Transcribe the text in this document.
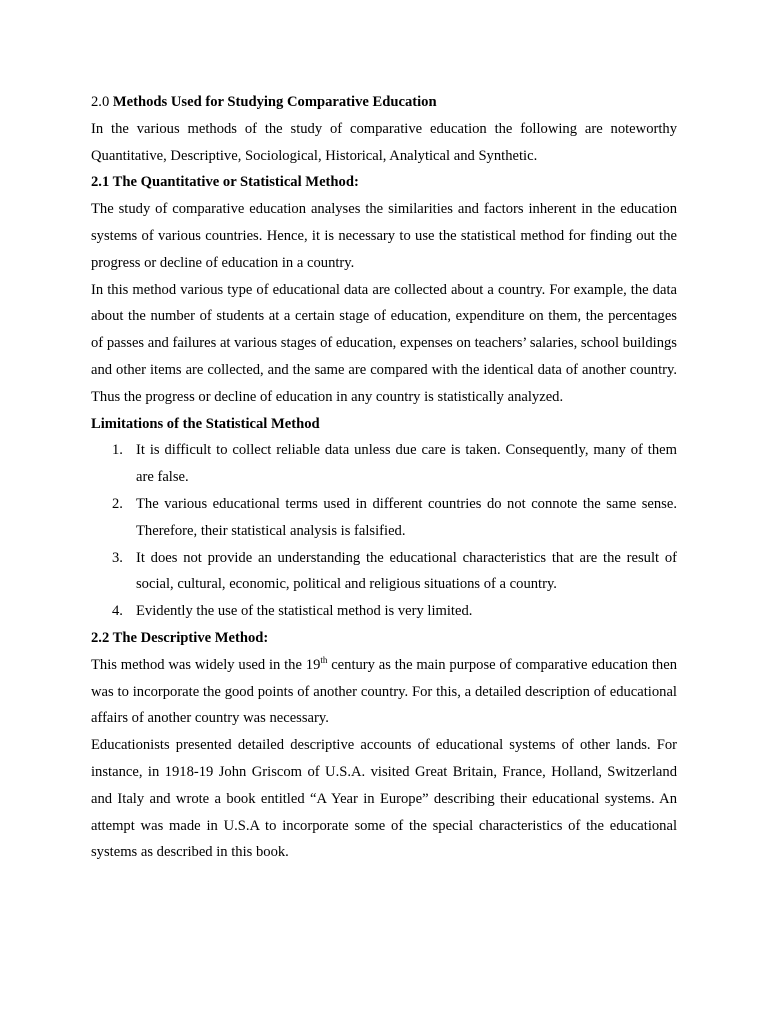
2.0 Methods Used for Studying Comparative Education

In the various methods of the study of comparative education the following are noteworthy Quantitative, Descriptive, Sociological, Historical, Analytical and Synthetic.

2.1 The Quantitative or Statistical Method:

The study of comparative education analyses the similarities and factors inherent in the education systems of various countries. Hence, it is necessary to use the statistical method for finding out the progress or decline of education in a country.

In this method various type of educational data are collected about a country. For example, the data about the number of students at a certain stage of education, expenditure on them, the percentages of passes and failures at various stages of education, expenses on teachers’ salaries, school buildings and other items are collected, and the same are compared with the identical data of another country. Thus the progress or decline of education in any country is statistically analyzed.

Limitations of the Statistical Method

1. It is difficult to collect reliable data unless due care is taken. Consequently, many of them are false.
2. The various educational terms used in different countries do not connote the same sense. Therefore, their statistical analysis is falsified.
3. It does not provide an understanding the educational characteristics that are the result of social, cultural, economic, political and religious situations of a country.
4. Evidently the use of the statistical method is very limited.

2.2 The Descriptive Method:

This method was widely used in the 19th century as the main purpose of comparative education then was to incorporate the good points of another country. For this, a detailed description of educational affairs of another country was necessary.

Educationists presented detailed descriptive accounts of educational systems of other lands. For instance, in 1918-19 John Griscom of U.S.A. visited Great Britain, France, Holland, Switzerland and Italy and wrote a book entitled “A Year in Europe” describing their educational systems. An attempt was made in U.S.A to incorporate some of the special characteristics of the educational systems as described in this book.
